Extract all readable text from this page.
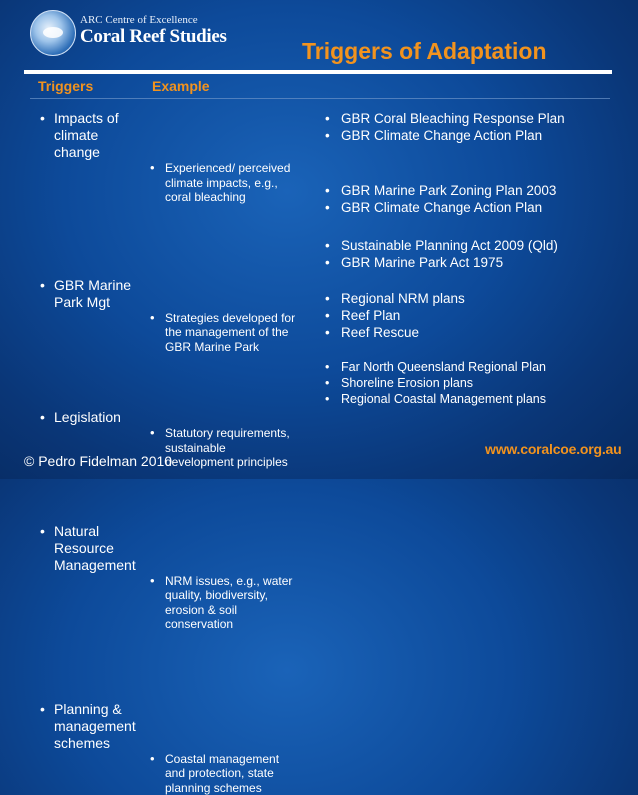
ARC Centre of Excellence
Coral Reef Studies
Triggers of Adaptation
Triggers	Example
• Impacts of
climate
change
• Experienced/ perceived
climate impacts, e.g.,
coral bleaching
• GBR Coral Bleaching Response Plan
• GBR Climate Change Action Plan
• GBR Marine
Park Mgt
• Strategies developed for
the management of the
GBR Marine Park
• GBR Marine Park Zoning Plan 2003
• GBR Climate Change Action Plan
• Legislation
• Statutory requirements,
sustainable
development principles
• Sustainable Planning Act 2009 (Qld)
• GBR Marine Park Act 1975
• Natural
Resource
Management
• NRM issues, e.g., water
quality, biodiversity,
erosion & soil
conservation
• Regional NRM plans
• Reef Plan
• Reef Rescue
• Planning &
management
schemes
• Coastal management
and protection, state
planning schemes
• Far North Queensland Regional Plan
• Shoreline Erosion plans
• Regional Coastal Management plans
www.coralcoe.org.au
© Pedro Fidelman 2010
